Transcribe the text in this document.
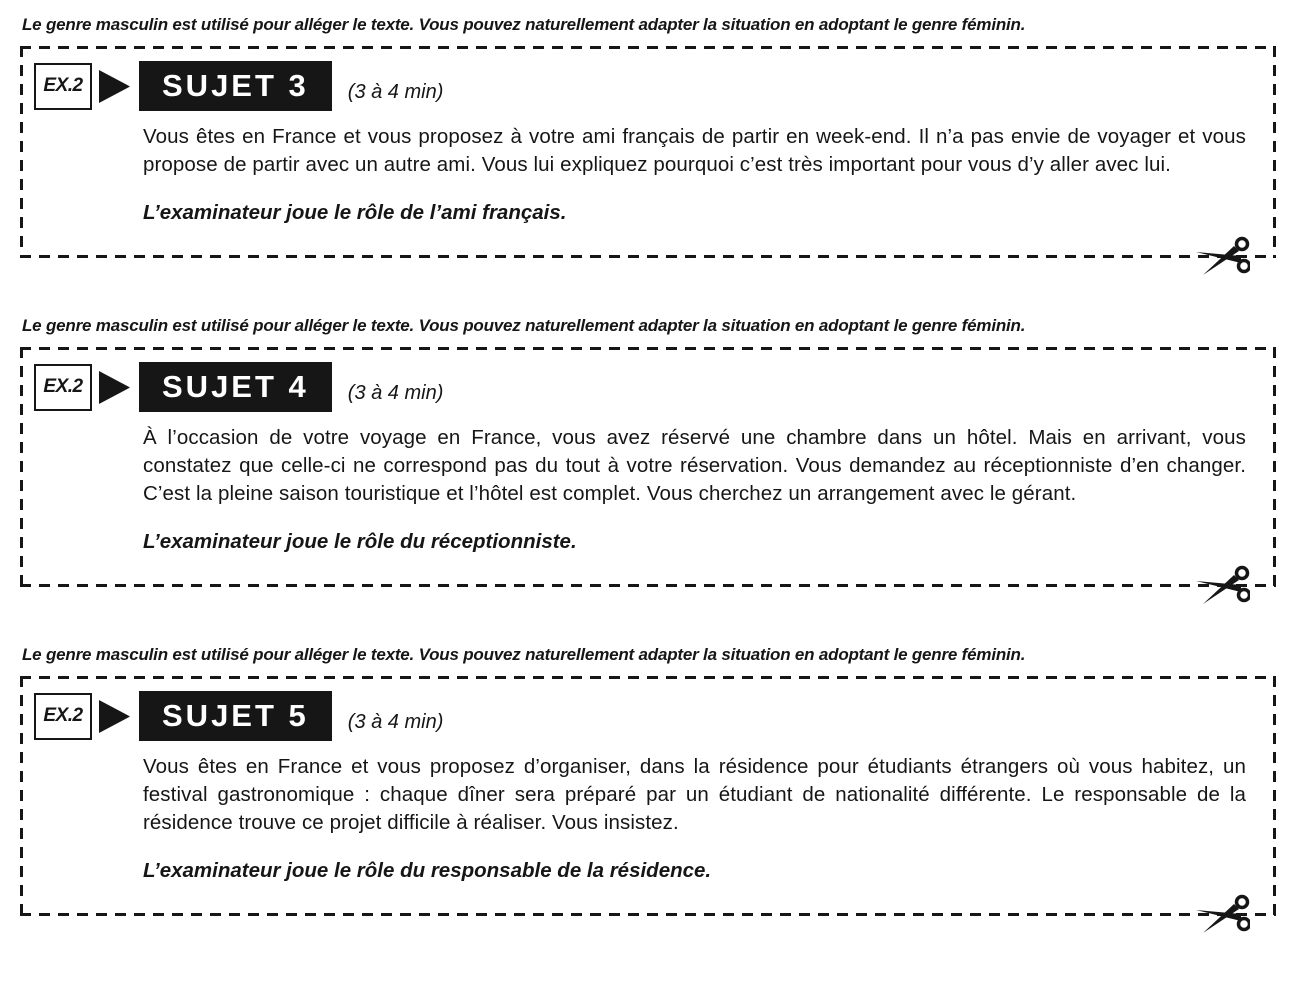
Le genre masculin est utilisé pour alléger le texte. Vous pouvez naturellement adapter la situation en adoptant le genre féminin.
EX.2	SUJET 3	(3 à 4 min)

Vous êtes en France et vous proposez à votre ami français de partir en week-end. Il n’a pas envie de voyager et vous propose de partir avec un autre ami. Vous lui expliquez pourquoi c’est très important pour vous d’y aller avec lui.

L’examinateur joue le rôle de l’ami français.

Le genre masculin est utilisé pour alléger le texte. Vous pouvez naturellement adapter la situation en adoptant le genre féminin.
EX.2	SUJET 4	(3 à 4 min)

À l’occasion de votre voyage en France, vous avez réservé une chambre dans un hôtel. Mais en arrivant, vous constatez que celle-ci ne correspond pas du tout à votre réservation. Vous demandez au réceptionniste d’en changer. C’est la pleine saison touristique et l’hôtel est complet. Vous cherchez un arrangement avec le gérant.

L’examinateur joue le rôle du réceptionniste.

Le genre masculin est utilisé pour alléger le texte. Vous pouvez naturellement adapter la situation en adoptant le genre féminin.
EX.2	SUJET 5	(3 à 4 min)

Vous êtes en France et vous proposez d’organiser, dans la résidence pour étudiants étrangers où vous habitez, un festival gastronomique : chaque dîner sera préparé par un étudiant de nationalité différente. Le responsable de la résidence trouve ce projet difficile à réaliser. Vous insistez.

L’examinateur joue le rôle du responsable de la résidence.
